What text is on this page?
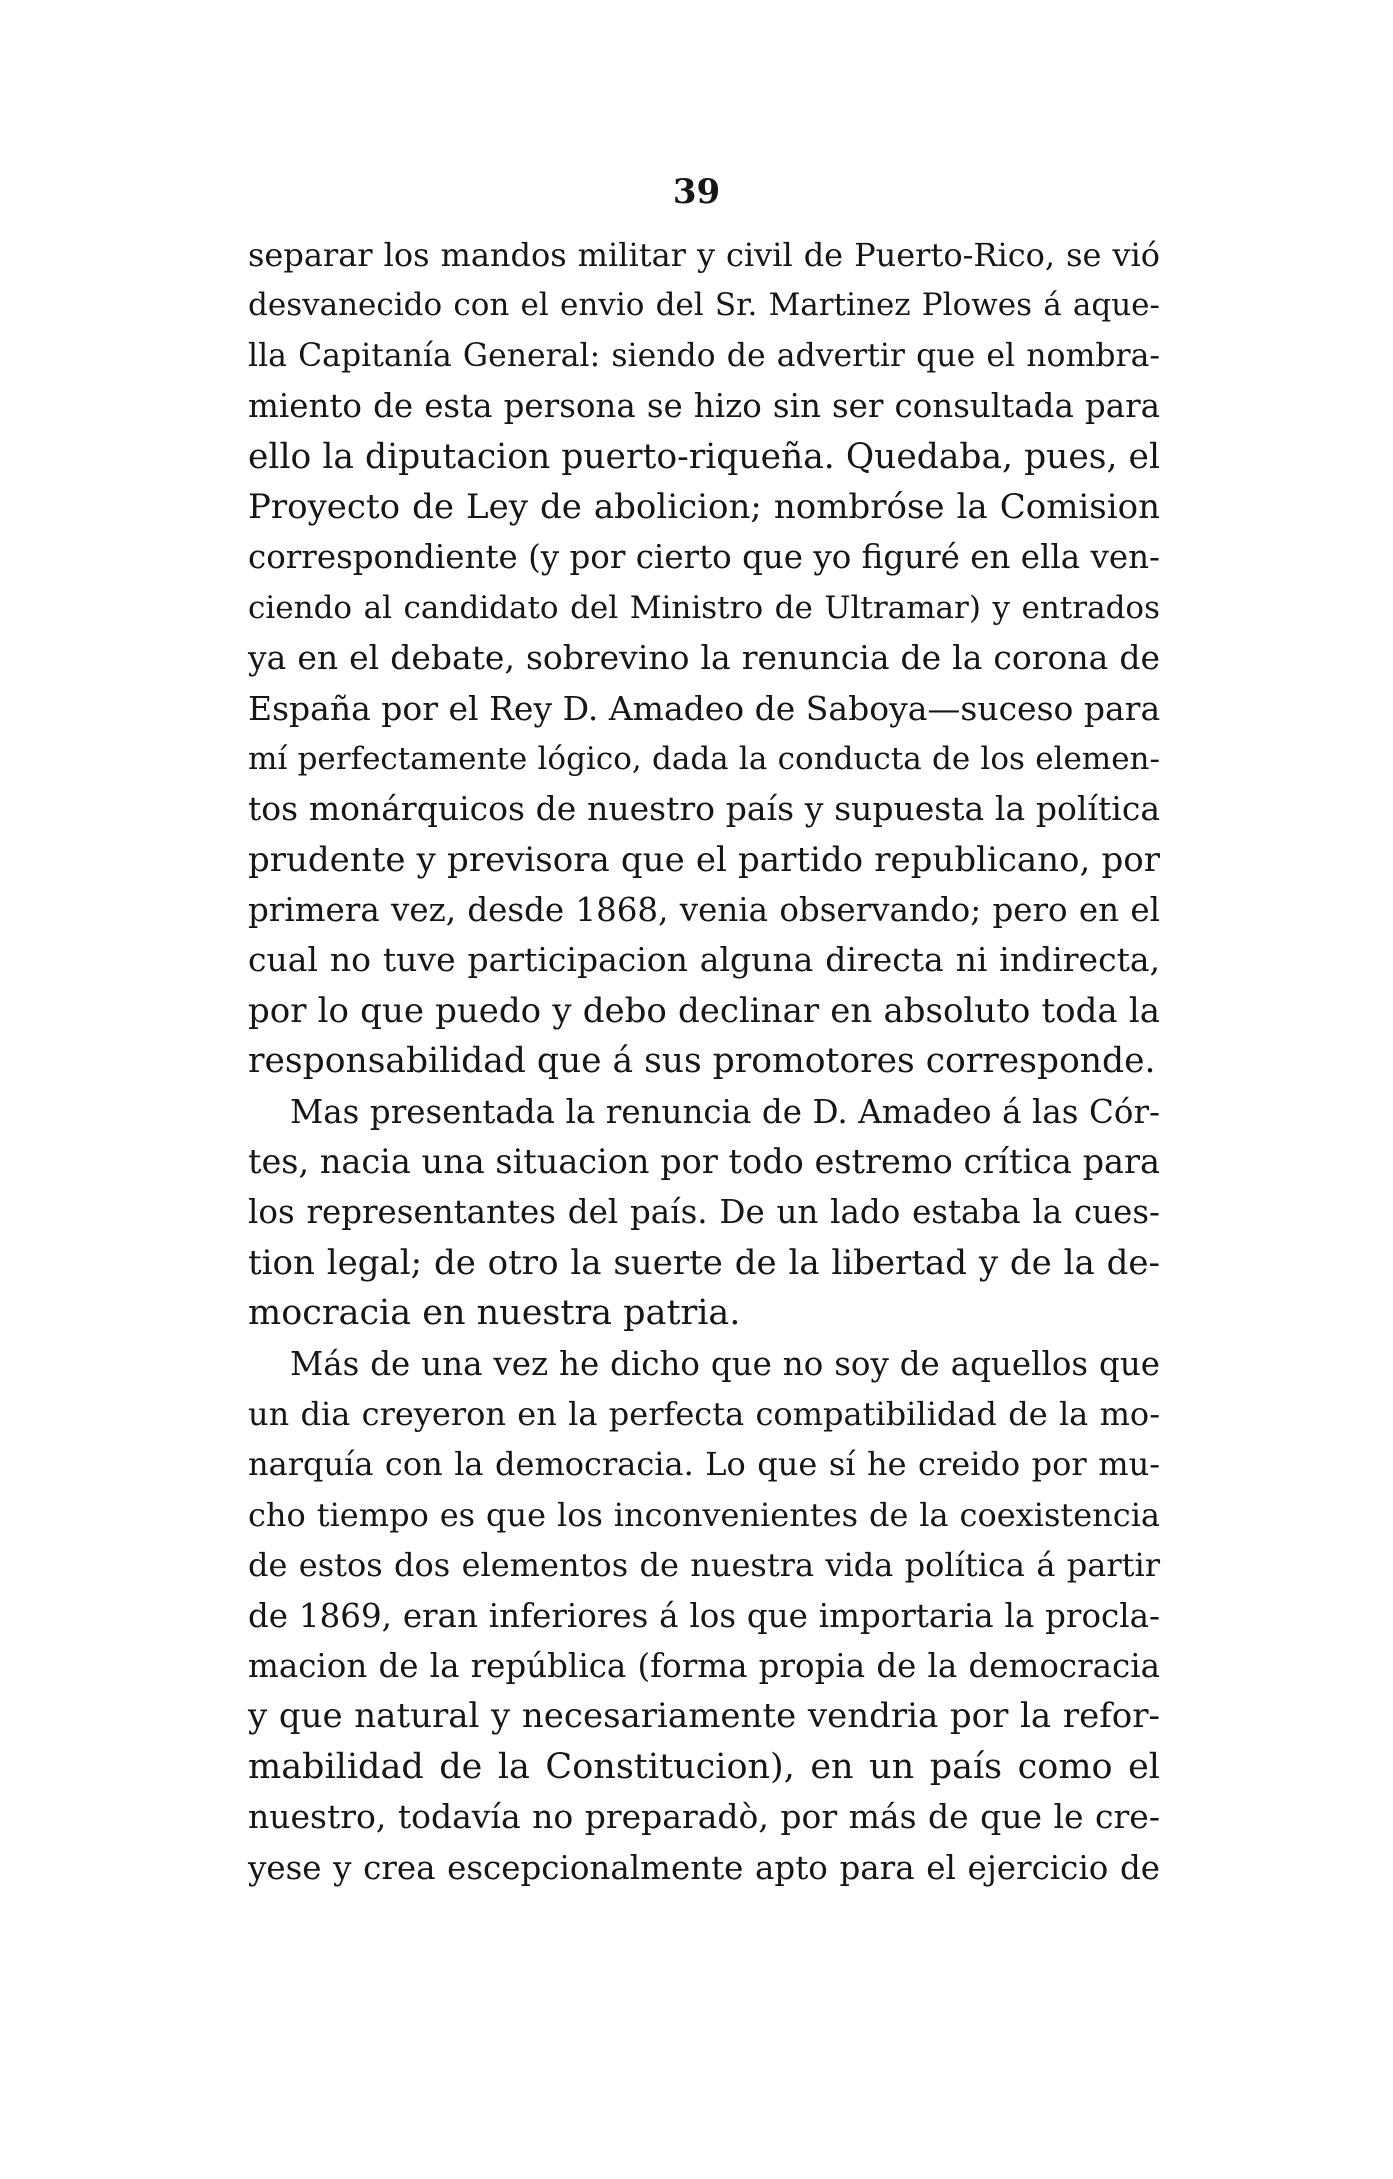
39
separar los mandos militar y civil de Puerto-Rico, se vió
desvanecido con el envio del Sr. Martinez Plowes á aque-
lla Capitanía General: siendo de advertir que el nombra-
miento de esta persona se hizo sin ser consultada para
ello la diputacion puerto-riqueña. Quedaba, pues, el
Proyecto de Ley de abolicion; nombróse la Comision
correspondiente (y por cierto que yo figuré en ella ven-
ciendo al candidato del Ministro de Ultramar) y entrados
ya en el debate, sobrevino la renuncia de la corona de
España por el Rey D. Amadeo de Saboya—suceso para
mí perfectamente lógico, dada la conducta de los elemen-
tos monárquicos de nuestro país y supuesta la política
prudente y previsora que el partido republicano, por
primera vez, desde 1868, venia observando; pero en el
cual no tuve participacion alguna directa ni indirecta,
por lo que puedo y debo declinar en absoluto toda la
responsabilidad que á sus promotores corresponde.
Mas presentada la renuncia de D. Amadeo á las Cór-
tes, nacia una situacion por todo estremo crítica para
los representantes del país. De un lado estaba la cues-
tion legal; de otro la suerte de la libertad y de la de-
mocracia en nuestra patria.
Más de una vez he dicho que no soy de aquellos que
un dia creyeron en la perfecta compatibilidad de la mo-
narquía con la democracia. Lo que sí he creido por mu-
cho tiempo es que los inconvenientes de la coexistencia
de estos dos elementos de nuestra vida política á partir
de 1869, eran inferiores á los que importaria la procla-
macion de la república (forma propia de la democracia
y que natural y necesariamente vendria por la refor-
mabilidad de la Constitucion), en un país como el
nuestro, todavía no preparadò, por más de que le cre-
yese y crea escepcionalmente apto para el ejercicio de
